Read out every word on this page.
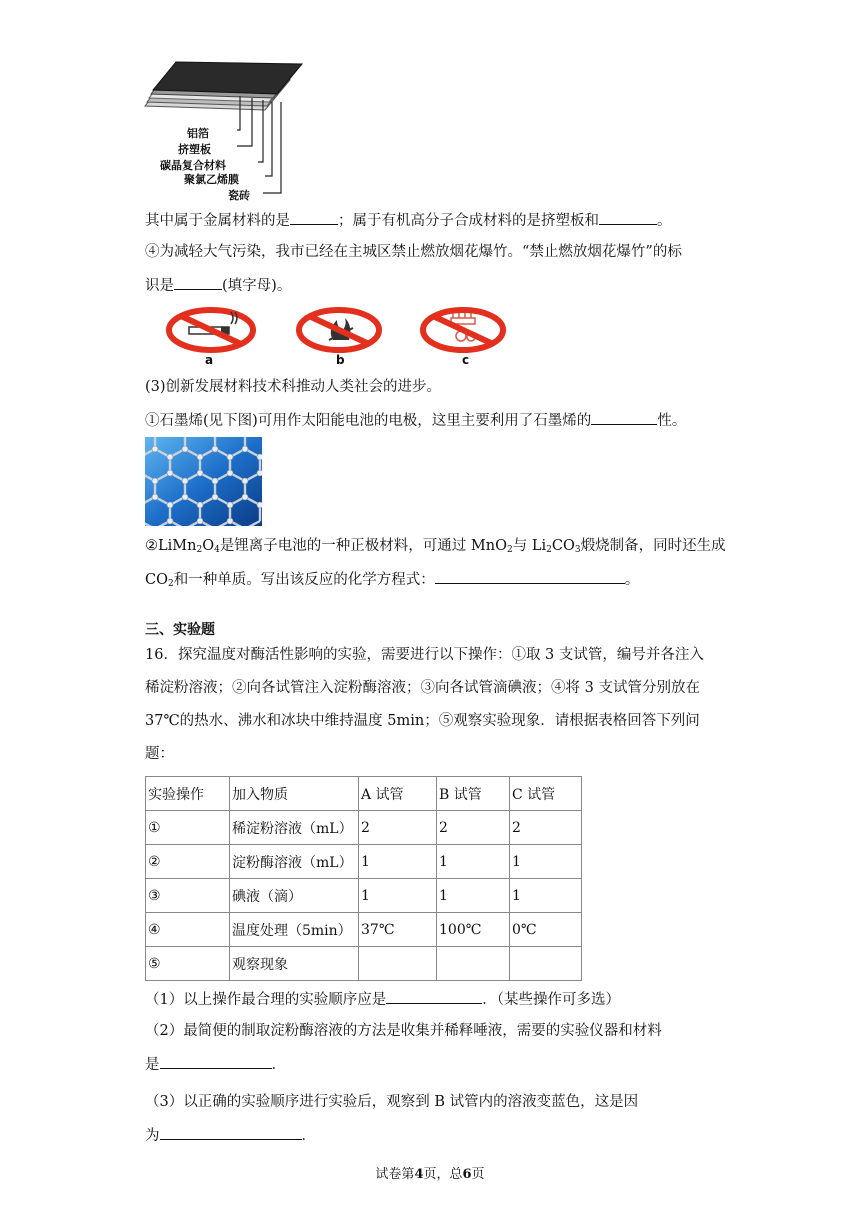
铝箔
挤塑板
碳晶复合材料
聚氯乙烯膜
瓷砖
其中属于金属材料的是	；属于有机高分子合成材料的是挤塑板和	。
④为减轻大气污染，我市已经在主城区禁止燃放烟花爆竹。“禁止燃放烟花爆竹”的标
识是	(填字母)。
a	b	c
(3)创新发展材料技术科推动人类社会的进步。
①石墨烯(见下图)可用作太阳能电池的电极，这里主要利用了石墨烯的	性。
$②LiMn_2O_4$是锂离子电池的一种正极材料，可通过 MnO$_2$与 $Li_2CO_3$煅烧制备，同时还生成
$CO_2$和一种单质。写出该反应的化学方程式：	。
三、实验题
16．探究温度对酶活性影响的实验，需要进行以下操作：①取 3 支试管，编号并各注入
稀淀粉溶液；②向各试管注入淀粉酶溶液；③向各试管滴碘液；④将 3 支试管分别放在
37℃的热水、沸水和冰块中维持温度 5min；⑤观察实验现象．请根据表格回答下列问
题：
实验操作	加入物质	A 试管	B 试管	C 试管
①	稀淀粉溶液（mL）	2	2	2
②	淀粉酶溶液（mL）	1	1	1
③	碘液（滴）	1	1	1
④	温度处理（5min）	37℃	100℃	0℃
⑤	观察现象			
（1）以上操作最合理的实验顺序应是	．（某些操作可多选）
（2）最简便的制取淀粉酶溶液的方法是收集并稀释唾液，需要的实验仪器和材料
是	．
（3）以正确的实验顺序进行实验后，观察到 B 试管内的溶液变蓝色，这是因
为	．
试卷第4页，总6页
